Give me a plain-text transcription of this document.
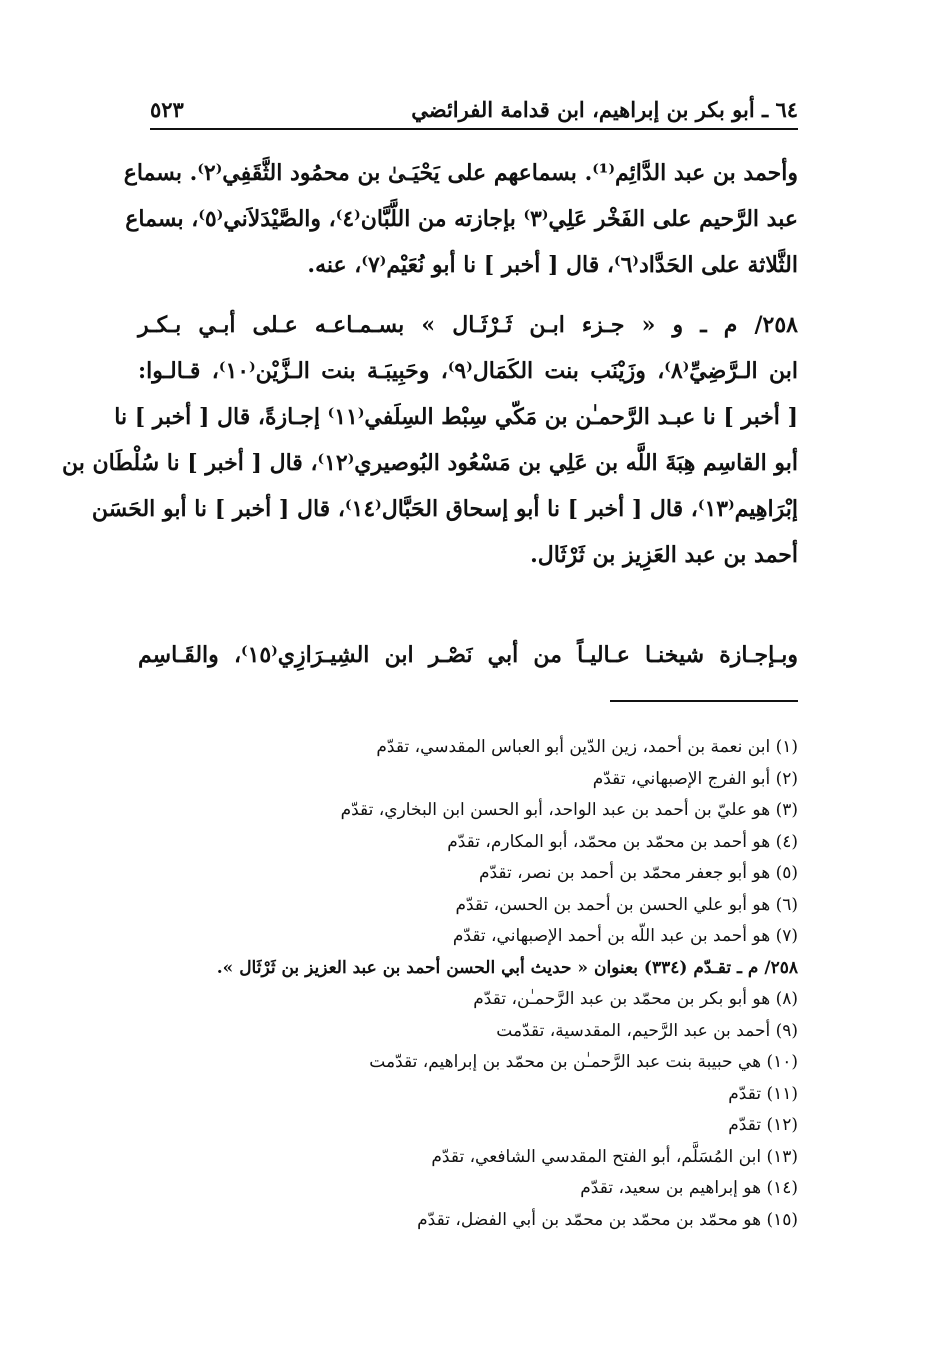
٦٤ ـ أبو بكر بن إبراهيم، ابن قدامة الفرائضي
٥٢٣
وأحمد بن عبد الدَّائِم⁽¹⁾. بسماعهم على يَحْيَـىٰ بن محمُود الثَّقَفِي⁽٢⁾. بسماع
عبد الرَّحيم على الفَخْر عَلِي⁽٣⁾ بإجازته من اللَّبَّان⁽٤⁾، والصَّيْدَلاَني⁽٥⁾، بسماع
الثَّلاثة على الحَدَّاد⁽٦⁾، قال [ أخبر ] نا أبو نُعَيْم⁽٧⁾، عنه.
٢٥٨/ م ـ و « جـزء ابـن ثَـرْثَـال » بسـمـاعـه عـلى أبـي بـكـر
ابن الـرَّضِيِّ⁽٨⁾، وزَيْنَب بنت الكَمَال⁽٩⁾، وحَبِيبَـة بنت الـزَّيْن⁽١٠⁾، قـالـوا:
[ أخبر ] نا عبـد الرَّحمـٰن بن مَكّي سِبْط السِلَفي⁽١١⁾ إجـازةً، قال [ أخبر ] نا
أبو القاسِم هِبَةَ اللَّه بن عَلِي بن مَسْعُود البُوصيري⁽١٢⁾، قال [ أخبر ] نا سُلْطَان بن
إبْرَاهِيم⁽١٣⁾، قال [ أخبر ] نا أبو إسحاق الحَبَّال⁽١٤⁾، قال [ أخبر ] نا أبو الحَسَن
أحمد بن عبد العَزِيز بن ثَرْثَال.
وبـإجـازة شيخنـا عـاليـاً من أبي نَصْـر ابن الشِيـرَازِي⁽١٥⁾، والقَـاسِم
(١) ابن نعمة بن أحمد، زين الدّين أبو العباس المقدسي، تقدّم
(٢) أبو الفرج الإصبهاني، تقدّم
(٣) هو عليّ بن أحمد بن عبد الواحد، أبو الحسن ابن البخاري، تقدّم
(٤) هو أحمد بن محمّد بن محمّد، أبو المكارم، تقدّم
(٥) هو أبو جعفر محمّد بن أحمد بن نصر، تقدّم
(٦) هو أبو علي الحسن بن أحمد بن الحسن، تقدّم
(٧) هو أحمد بن عبد اللّه بن أحمد الإصبهاني، تقدّم
٢٥٨/ م ـ تقـدّم (٣٣٤) بعنوان « حديث أبي الحسن أحمد بن عبد العزيز بن ثَرْثَال ».
(٨) هو أبو بكر بن محمّد بن عبد الرَّحمـٰن، تقدّم
(٩) أحمد بن عبد الرَّحيم، المقدسية، تقدّمت
(١٠) هي حبيبة بنت عبد الرَّحمـٰن بن محمّد بن إبراهيم، تقدّمت
(١١) تقدّم
(١٢) تقدّم
(١٣) ابن المُسَلَّم، أبو الفتح المقدسي الشافعي، تقدّم
(١٤) هو إبراهيم بن سعيد، تقدّم
(١٥) هو محمّد بن محمّد بن محمّد بن أبي الفضل، تقدّم
